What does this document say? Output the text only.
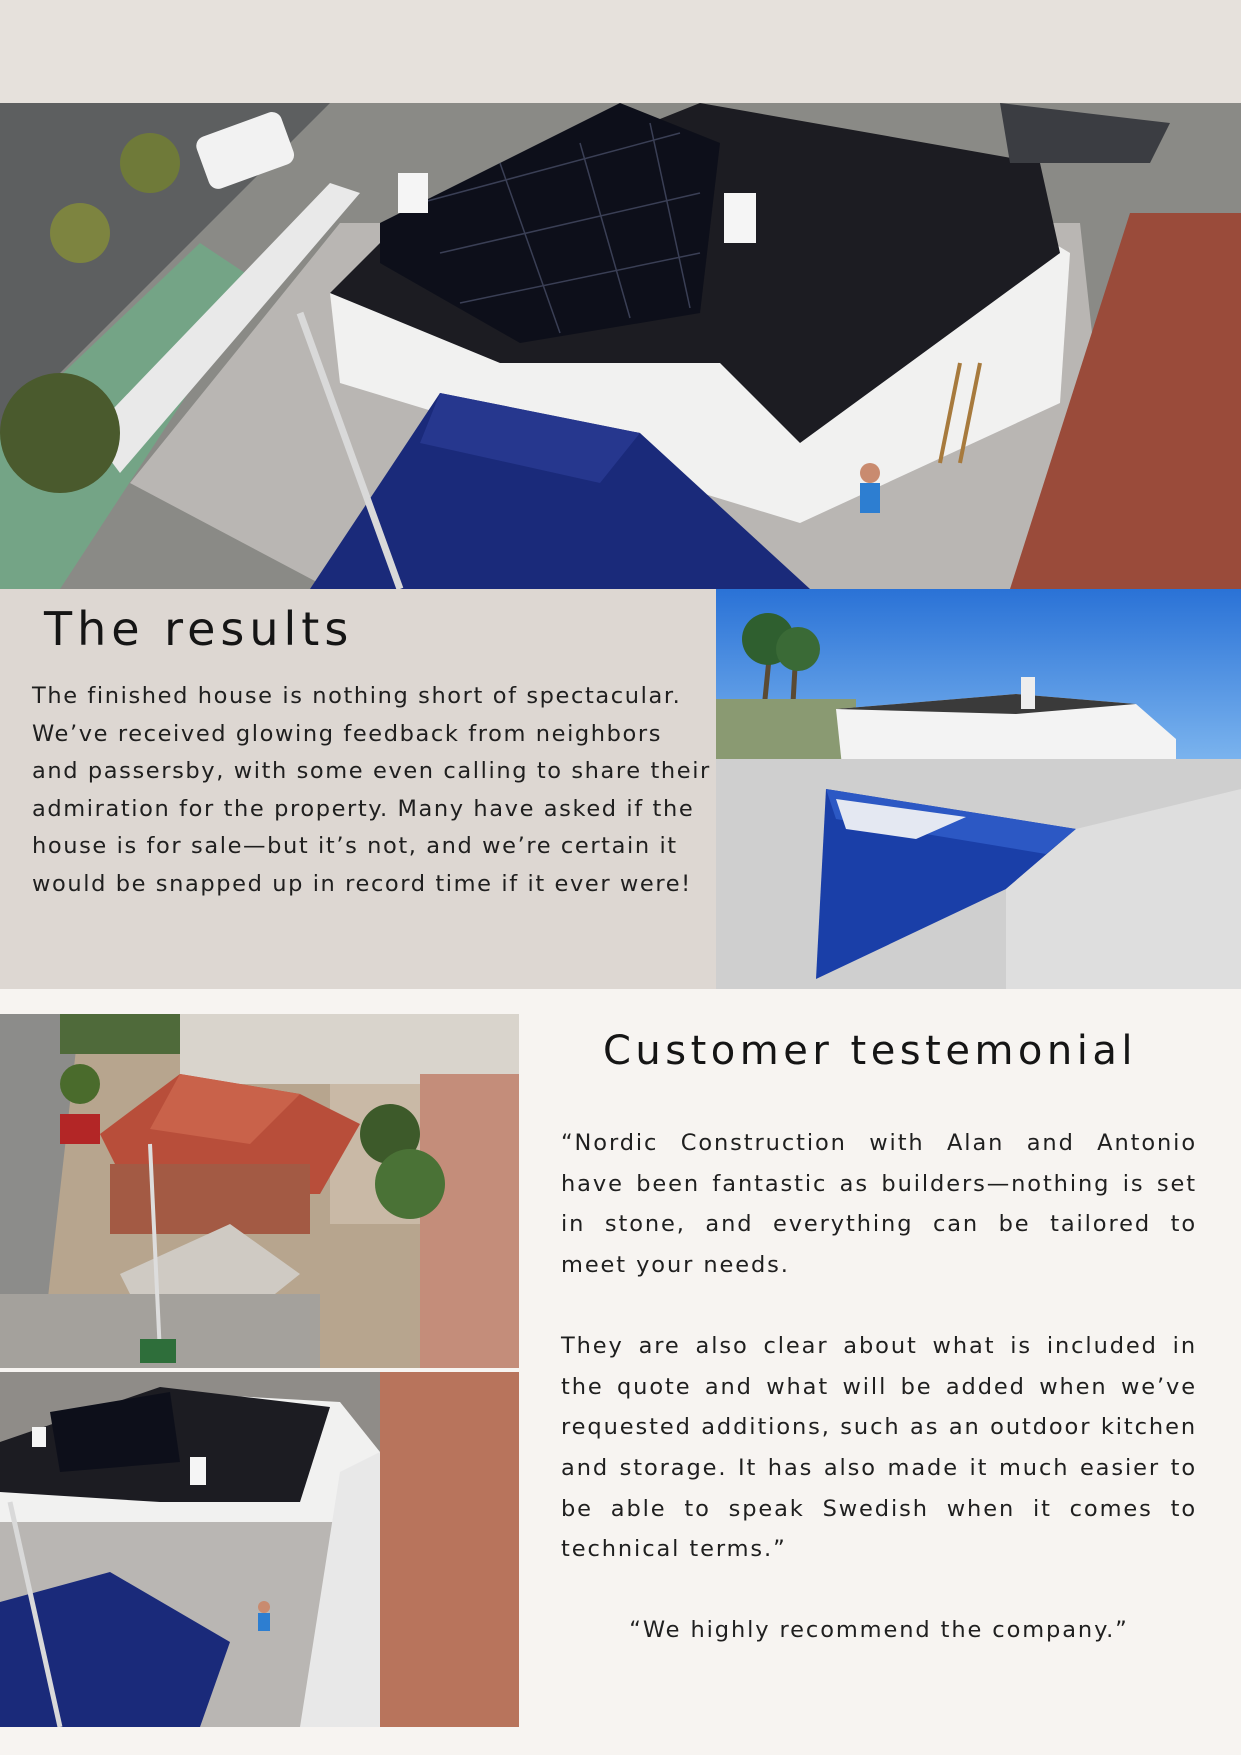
The results

The finished house is nothing short of spectacular. We’ve received glowing feedback from neighbors and passersby, with some even calling to share their admiration for the property. Many have asked if the house is for sale—but it’s not, and we’re certain it would be snapped up in record time if it ever were!

Customer testemonial

“Nordic Construction with Alan and Antonio have been fantastic as builders—nothing is set in stone, and everything can be tailored to meet your needs.

They are also clear about what is included in the quote and what will be added when we’ve requested additions, such as an outdoor kitchen and storage. It has also made it much easier to be able to speak Swedish when it comes to technical terms.”

“We highly recommend the company.”
